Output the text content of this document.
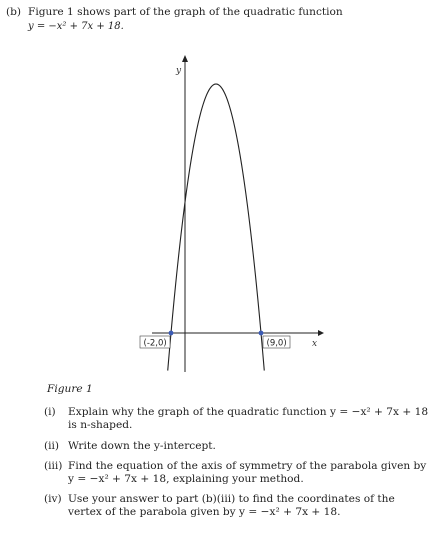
(b) Figure 1 shows part of the graph of the quadratic function
y = −x² + 7x + 18.
(-2,0)	(9,0)
y
x
Figure 1
(i) Explain why the graph of the quadratic function y = −x² + 7x + 18
is n-shaped.
(ii) Write down the y-intercept.
(iii) Find the equation of the axis of symmetry of the parabola given by
y = −x² + 7x + 18, explaining your method.
(iv) Use your answer to part (b)(iii) to find the coordinates of the
vertex of the parabola given by y = −x² + 7x + 18.
